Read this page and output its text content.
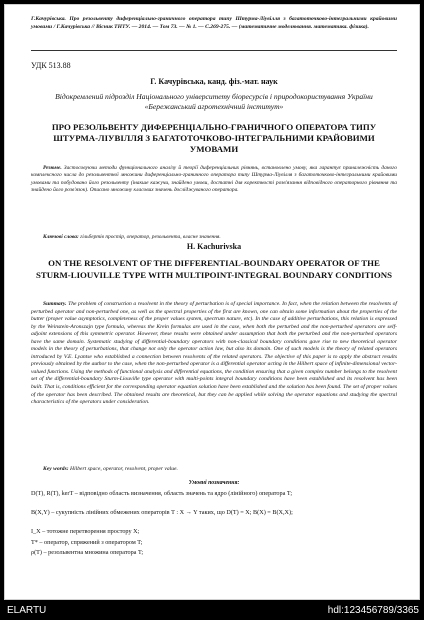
Г.Качурівська. Про резольвенту диференціально-граничного оператора типу Штурма-Ліувілля з багатоточково-інтегральними крайовими умовами / Г.Качурівська // Вісник ТНТУ. — 2014. — Том 73. — № 1. — С.269-275. — (математичне моделювання. математика. фізика).

УДК 513.88

Г. Качурівська, канд. фіз.-мат. наук

Відокремлений підрозділ Національного університету біоресурсів і природокористування України «Бережанський агротехнічний інститут»

ПРО РЕЗОЛЬВЕНТУ ДИФЕРЕНЦІАЛЬНО-ГРАНИЧНОГО ОПЕРАТОРА ТИПУ ШТУРМА-ЛІУВІЛЛЯ З БАГАТОТОЧКОВО-ІНТЕГРАЛЬНИМИ КРАЙОВИМИ УМОВАМИ

Резюме. Застосовуючи методи функціонального аналізу й теорії диференціальних рівнянь, встановлено умову, яка гарантує приналежність даного комплексного числа до резольвентної множини диференціально-граничного оператора типу Штурма-Ліувілля з багатоточково-інтегральними крайовими умовами та побудовано його резольвенту (інакше кажучи, знайдено умови, достатні для коректності розв'язання відповідного операторного рівняння та знайдено його розв'язок). Описано множину класових значень досліджуваного оператора.

Ключові слова: гільбертів простір, оператор, резольвента, власне значення.

H. Kachurivska

ON THE RESOLVENT OF THE DIFFERENTIAL-BOUNDARY OPERATOR OF THE STURM-LIOUVILLE TYPE WITH MULTIPOINT-INTEGRAL BOUNDARY CONDITIONS

Summary. The problem of construction a resolvent in the theory of perturbation is of special importance. In fact, when the relation between the resolvents of perturbed operator and non-perturbed one, as well as the spectral properties of the first are known, one can obtain some information about the properties of the butter (proper value asymptotics, completeness of the proper values system, spectrum nature, etc). In the case of additive perturbations, this relation is expressed by the Weinstein-Aronszajn type formula, whereas the Krein formulas are used in the case, when both the perturbed and the non-perturbed operators are self-adjoint extensions of this symmetric operator. However, these results were obtained under assumption that both the perturbed and the non-perturbed operators have the same domain. Systematic studying of differential-boundary operators with non-classical boundary conditions gave rise to new theoretical operator models in the theory of perturbations, that change not only the operator action law, but also its domain. One of such models is the theory of related operators introduced by V.E. Lyantse who established a connection between resolvents of the related operators. The objective of this paper is to apply the abstract results previously obtained by the author to the case, when the non-perturbed operator is a differential operator acting in the Hilbert space of infinite-dimensional vector-valued functions. Using the methods of functional analysis and differential equations, the condition ensuring that a given complex number belongs to the resolvent set of the differential-boundary Sturm-Liouville type operator with multi-points integral boundary conditions have been established and its resolvent has been built. That is, conditions efficient for the corresponding operator equation solution have been established and the solution has been found. The set of proper values of the operator has been described. The obtained results are theoretical, but they can be applied while solving the operator equations and studying the spectral characteristics of the operators under consideration.

Key words: Hilbert space, operator, resolvent, proper value.

Умовні позначення:

D(T), R(T), kerT – відповідно область визначення, область значень та ядро (лінійного) оператора T;

B(X,Y) – сукупність лінійних обмежених операторів T : X → Y таких, що D(T) = X; B(X) = B(X,X);

I_X – тотожне перетворення простору X;

T* – оператор, спряжений з оператором T;

ρ(T) – резольвентна множина оператора T;

ELARTU	hdl:123456789/3365
